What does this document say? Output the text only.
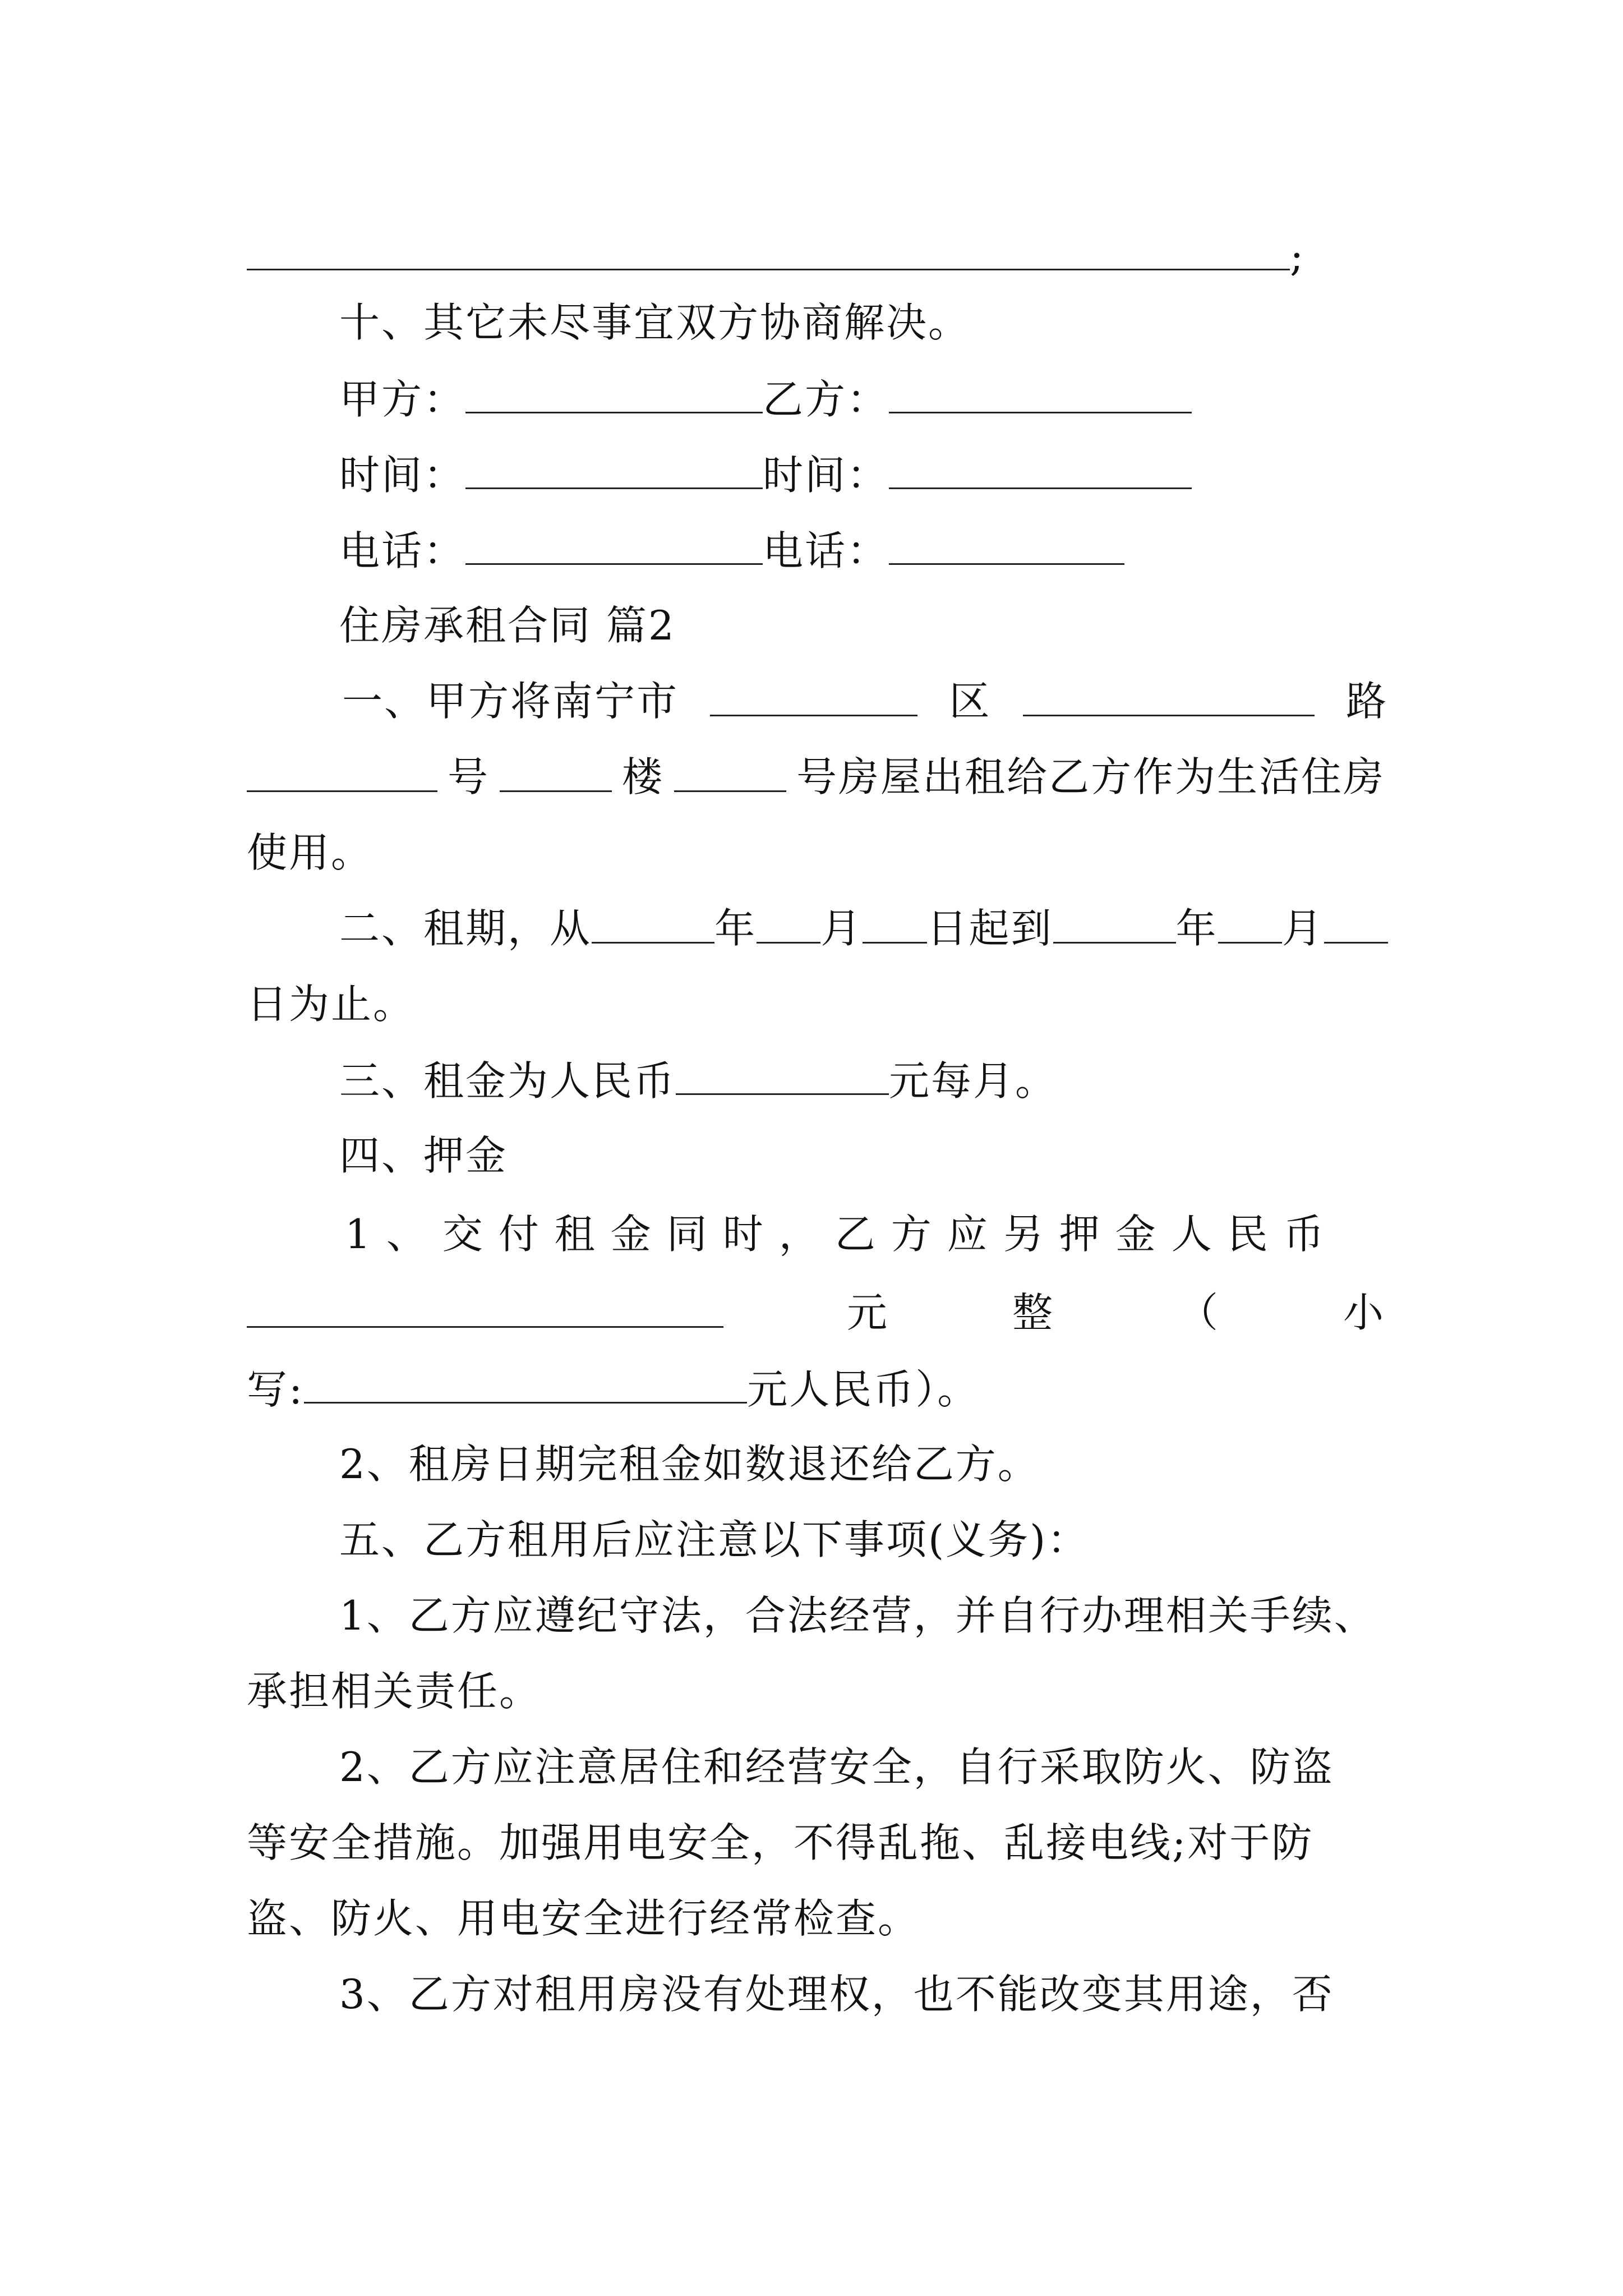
;
十、其它未尽事宜双方协商解决。
甲方：	乙方：
时间：	时间：
电话：	电话：
住房承租合同 篇2
一、甲方将南宁市	区	路
号	楼	号房屋出租给乙方作为生活住房
使用。
二、租期，从	年 月 日起到	年 月
日为止。
三、租金为人民币	元每月。
四、押金
1、交付租金同时，乙方应另押金人民币
元	整	（	小
写:	元人民币）。
2、租房日期完租金如数退还给乙方。
五、乙方租用后应注意以下事项(义务)：
1、乙方应遵纪守法，合法经营，并自行办理相关手续、
承担相关责任。
2、乙方应注意居住和经营安全，自行采取防火、防盗
等安全措施。加强用电安全，不得乱拖、乱接电线;对于防
盗、防火、用电安全进行经常检查。
3、乙方对租用房没有处理权，也不能改变其用途，否
